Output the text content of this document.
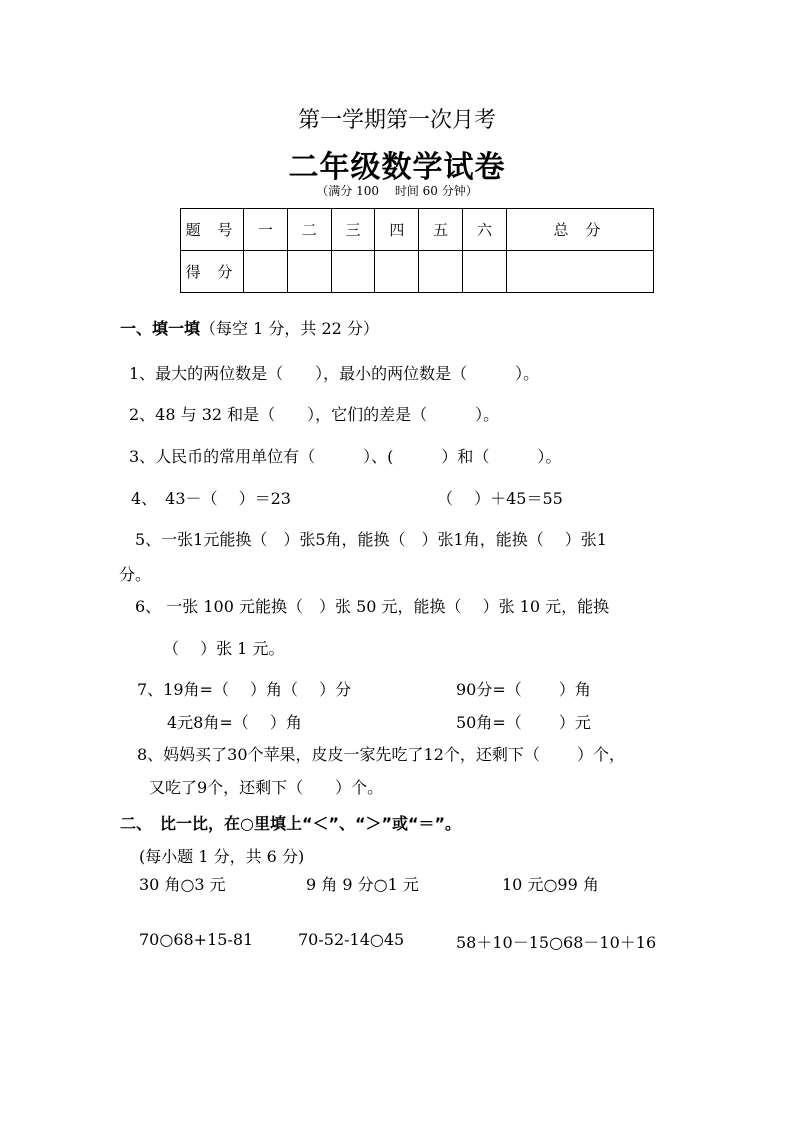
第一学期第一次月考
二年级数学试卷
（满分 100　 时间 60 分钟）
题 号	一	二	三	四	五	六	总 分
得 分							
一、填一填（每空 1 分，共 22 分）
1、最大的两位数是（　　），最小的两位数是（　　　）。
2、48 与 32 和是（　　），它们的差是（　　　）。
3、人民币的常用单位有（　　　）、(　　　）和（　　　）。
4、　43－（　 ）＝23	（　 ）＋45＝55
5、一张1元能换（　）张5角，能换（　）张1角，能换（　 ）张1
分。
6、 一张 100 元能换（　）张 50 元，能换（　 ）张 10 元，能换
（　 ）张 1 元。
7、19角=（　 ）角（　 ）分	90分=（　　 ）角
4元8角=（　 ）角	50角=（　　 ）元
8、妈妈买了30个苹果，皮皮一家先吃了12个，还剩下（　　 ）个，
又吃了9个，还剩下（　　）个。
二、　比一比，在○里填上“＜”、“＞”或“＝”。
(每小题 1 分，共 6 分)
30 角○3 元	9 角 9 分○1 元	10 元○99 角
70○68+15-81	70-52-14○45	58＋10－15○68－10＋16
